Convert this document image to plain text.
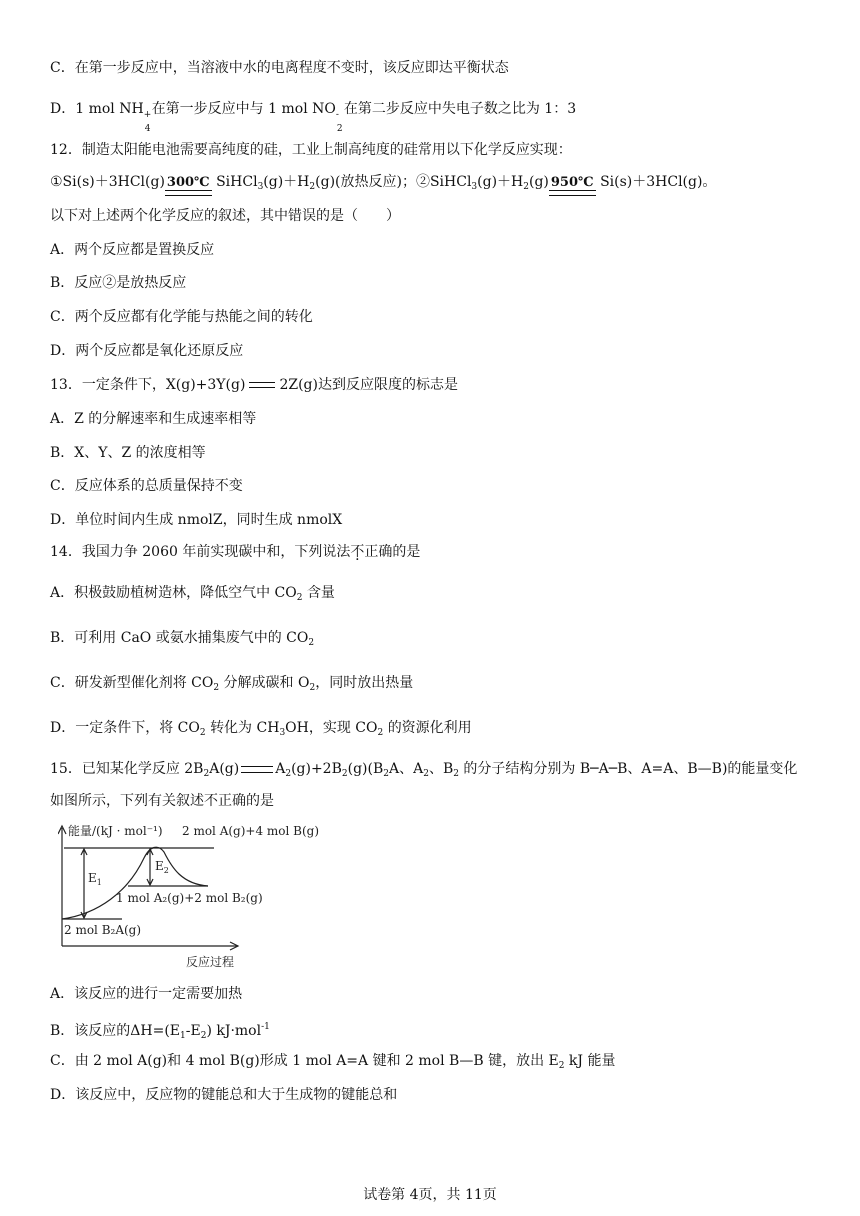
C．在第一步反应中，当溶液中水的电离程度不变时，该反应即达平衡状态
D．1 mol NH +
4
在第一步反应中与 1 mol NO -
2
在第二步反应中失电子数之比为 1：3
12．制造太阳能电池需要高纯度的硅，工业上制高纯度的硅常用以下化学反应实现：
①Si(s)＋3HCl(g) 300℃ $SiHCl_3(g)+H_2(g)$(放热反应)；$②SiHCl_3(g)+H_2(g)$ 950℃ Si(s)＋3HCl(g)。
以下对上述两个化学反应的叙述，其中错误的是（　　）
A．两个反应都是置换反应
B．反应②是放热反应
C．两个反应都有化学能与热能之间的转化
D．两个反应都是氧化还原反应
13．一定条件下，X(g)+3Y(g) 2Z(g)达到反应限度的标志是
A．Z 的分解速率和生成速率相等
B．X、Y、Z 的浓度相等
C．反应体系的总质量保持不变
D．单位时间内生成 nmolZ，同时生成 nmolX
14．我国力争 2060 年前实现碳中和，下列说法不正确的是
A．积极鼓励植树造林，降低空气中 $CO_2$ 含量
B．可利用 CaO 或氨水捕集废气中的 $CO_2$
C．研发新型催化剂将 $CO_2$ 分解成碳和 $O_2$，同时放出热量
D．一定条件下，将 $CO_2$ 转化为 $CH_3OH$，实现 $CO_2$ 的资源化利用
15．已知某化学反应 $2B_2A(g)$	$A_2(g)+2B_2(g)(B_2A$、$A_2$、$B_2$ 的分子结构分别为 B─A─B、A=A、B—B)的能量变化
如图所示，下列有关叙述不正确的是
能量/(kJ · mol⁻¹) 2 mol A(g)+4 mol B(g)
$E_1$
$E_2$
1 mol A₂(g)+2 mol B₂(g)
2 mol B₂A(g)
反应过程
A．该反应的进行一定需要加热
B．该反应的$\Delta H=(E_1-E_2)$ kJ·mol$^{-1}$
C．由 2 mol A(g)和 4 mol B(g)形成 1 mol A=A 键和 2 mol B—B 键，放出 $E_2$ kJ 能量
D．该反应中，反应物的键能总和大于生成物的键能总和
试卷第 4页，共 11页
